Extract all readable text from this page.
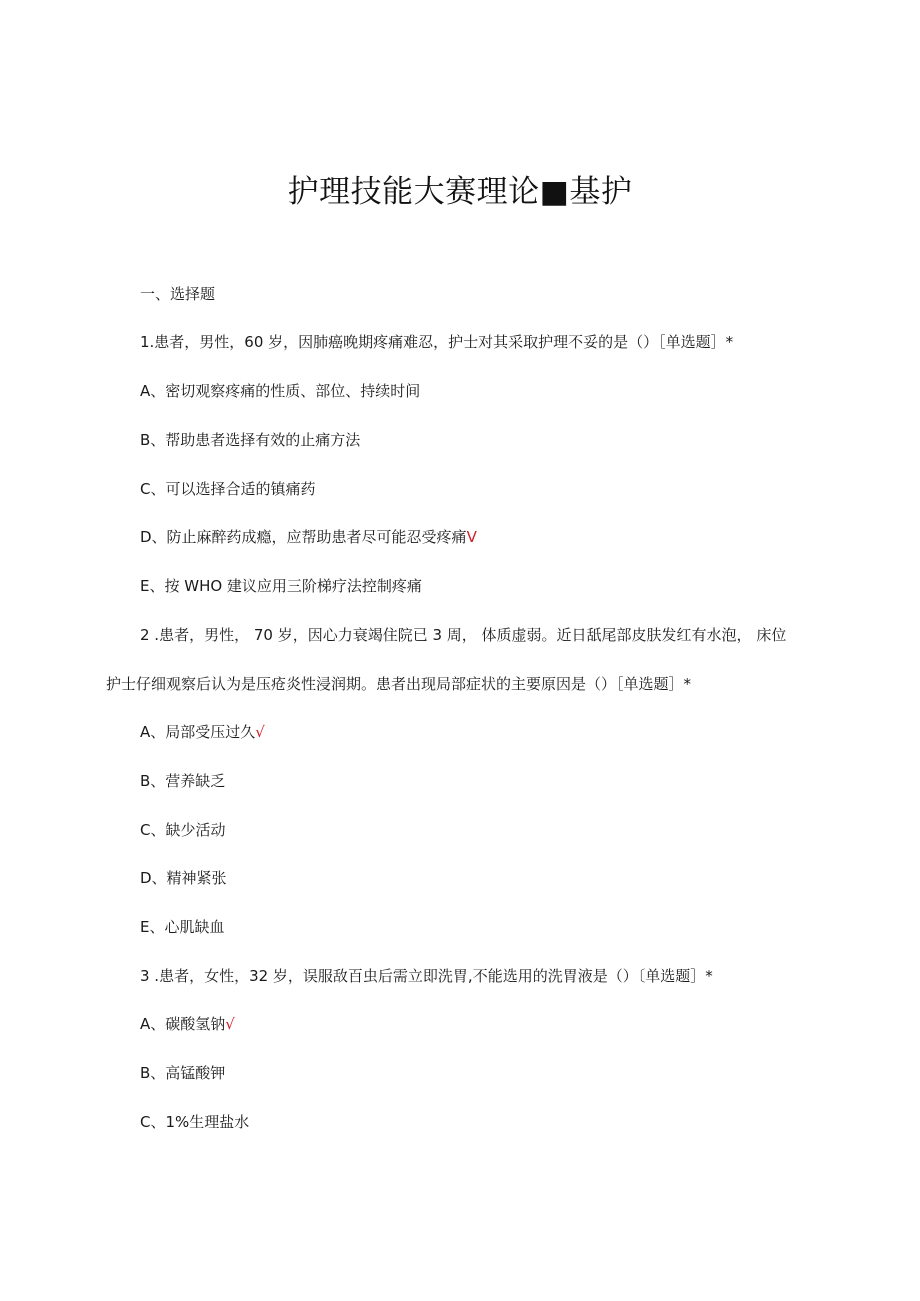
护理技能大赛理论■基护
一、选择题
1.患者，男性，60 岁，因肺癌晚期疼痛难忍，护士对其采取护理不妥的是（）［单选题］*
A、密切观察疼痛的性质、部位、持续时间
B、帮助患者选择有效的止痛方法
C、可以选择合适的镇痛药
D、防止麻醉药成瘾，应帮助患者尽可能忍受疼痛V
E、按 WHO 建议应用三阶梯疗法控制疼痛
2 .患者，男性， 70 岁，因心力衰竭住院已 3 周， 体质虚弱。近日舐尾部皮肤发红有水泡， 床位
护士仔细观察后认为是压疮炎性浸润期。患者出现局部症状的主要原因是（）［单选题］*
A、局部受压过久√
B、营养缺乏
C、缺少活动
D、精神紧张
E、心肌缺血
3 .患者，女性，32 岁，误服敌百虫后需立即洗胃,不能选用的洗胃液是（）〔单选题］*
A、碳酸氢钠√
B、高锰酸钾
C、1%生理盐水
